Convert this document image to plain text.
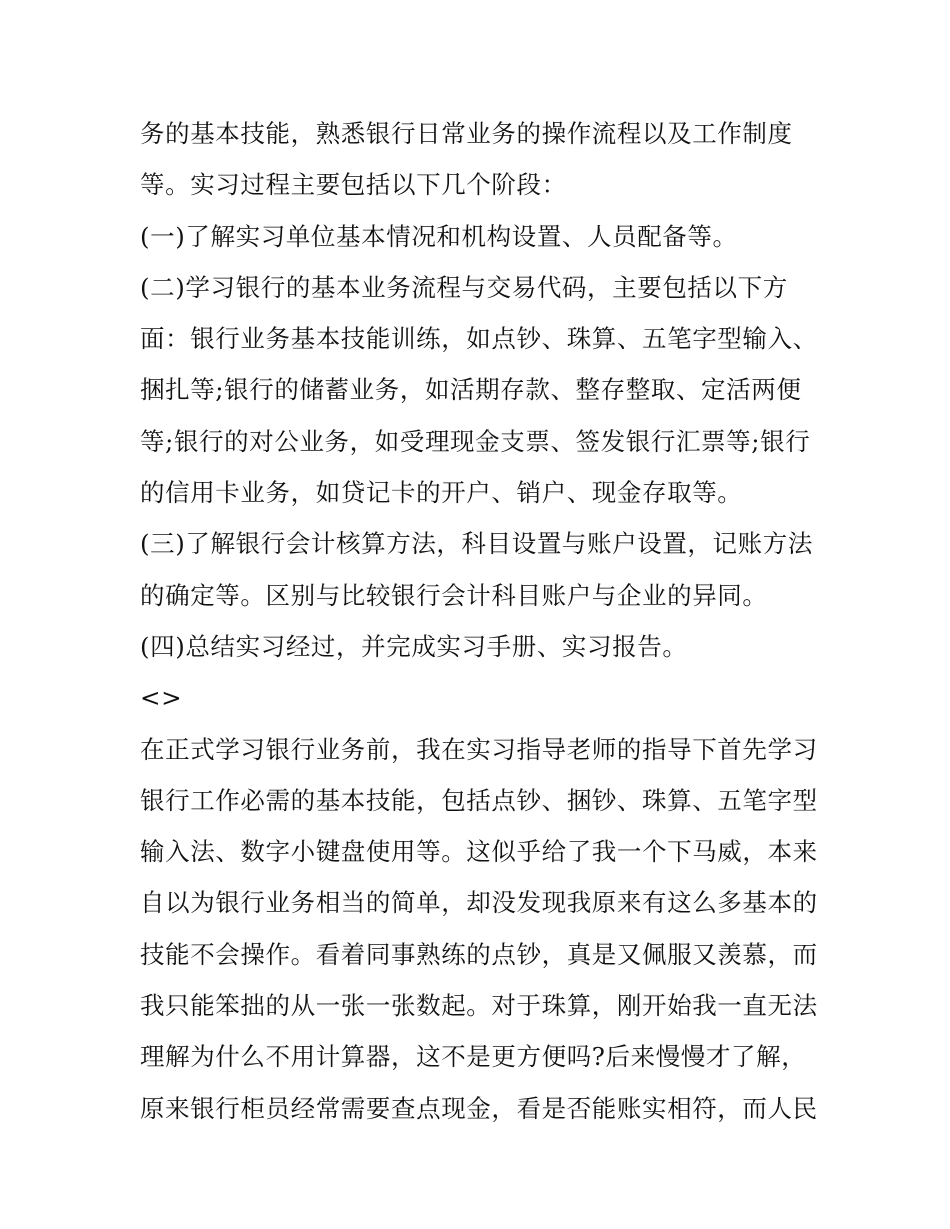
务的基本技能，熟悉银行日常业务的操作流程以及工作制度
等。实习过程主要包括以下几个阶段：
(一)了解实习单位基本情况和机构设置、人员配备等。
(二)学习银行的基本业务流程与交易代码，主要包括以下方
面：银行业务基本技能训练，如点钞、珠算、五笔字型输入、
捆扎等;银行的储蓄业务，如活期存款、整存整取、定活两便
等;银行的对公业务，如受理现金支票、签发银行汇票等;银行
的信用卡业务，如贷记卡的开户、销户、现金存取等。
(三)了解银行会计核算方法，科目设置与账户设置，记账方法
的确定等。区别与比较银行会计科目账户与企业的异同。
(四)总结实习经过，并完成实习手册、实习报告。
<>
在正式学习银行业务前，我在实习指导老师的指导下首先学习
银行工作必需的基本技能，包括点钞、捆钞、珠算、五笔字型
输入法、数字小键盘使用等。这似乎给了我一个下马威，本来
自以为银行业务相当的简单，却没发现我原来有这么多基本的
技能不会操作。看着同事熟练的点钞，真是又佩服又羡慕，而
我只能笨拙的从一张一张数起。对于珠算，刚开始我一直无法
理解为什么不用计算器，这不是更方便吗?后来慢慢才了解，
原来银行柜员经常需要查点现金，看是否能账实相符，而人民
